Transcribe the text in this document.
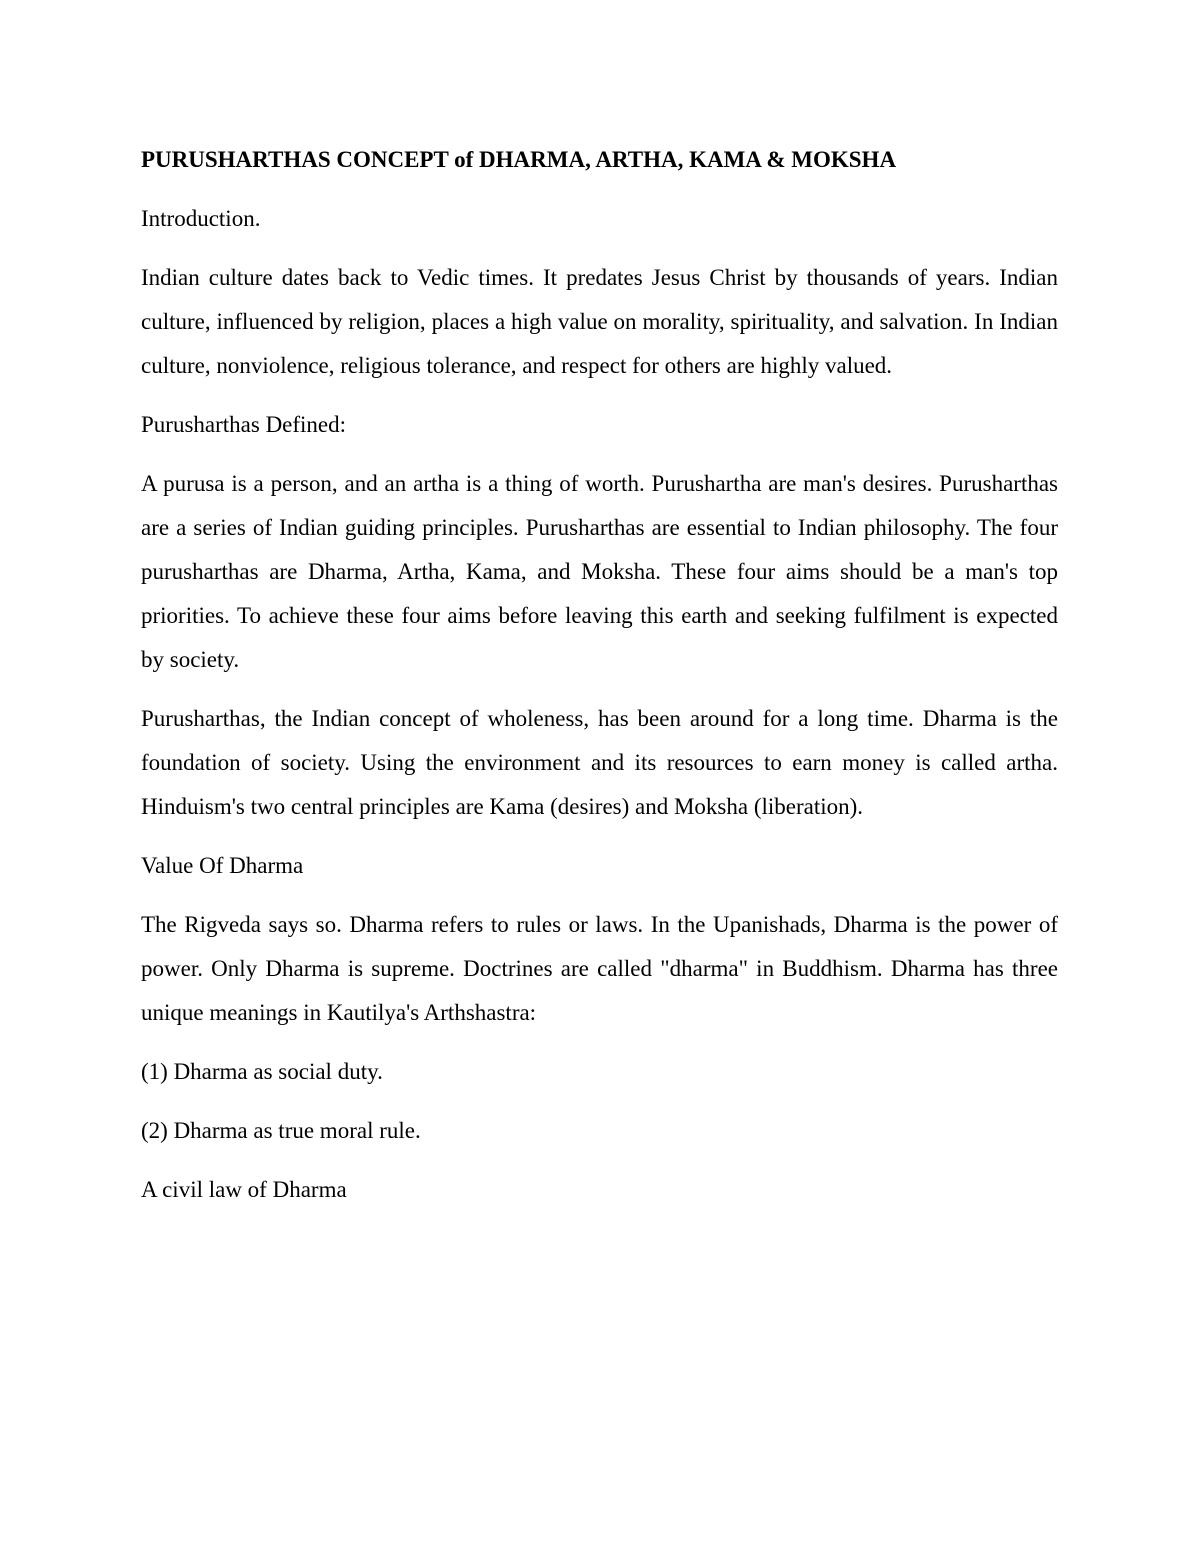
PURUSHARTHAS CONCEPT of DHARMA, ARTHA, KAMA & MOKSHA
Introduction.
Indian culture dates back to Vedic times. It predates Jesus Christ by thousands of years. Indian culture, influenced by religion, places a high value on morality, spirituality, and salvation. In Indian culture, nonviolence, religious tolerance, and respect for others are highly valued.
Purusharthas Defined:
A purusa is a person, and an artha is a thing of worth. Purushartha are man's desires. Purusharthas are a series of Indian guiding principles. Purusharthas are essential to Indian philosophy. The four purusharthas are Dharma, Artha, Kama, and Moksha. These four aims should be a man's top priorities. To achieve these four aims before leaving this earth and seeking fulfilment is expected by society.
Purusharthas, the Indian concept of wholeness, has been around for a long time. Dharma is the foundation of society. Using the environment and its resources to earn money is called artha. Hinduism's two central principles are Kama (desires) and Moksha (liberation).
Value Of Dharma
The Rigveda says so. Dharma refers to rules or laws. In the Upanishads, Dharma is the power of power. Only Dharma is supreme. Doctrines are called "dharma" in Buddhism. Dharma has three unique meanings in Kautilya's Arthshastra:
(1) Dharma as social duty.
(2) Dharma as true moral rule.
A civil law of Dharma
